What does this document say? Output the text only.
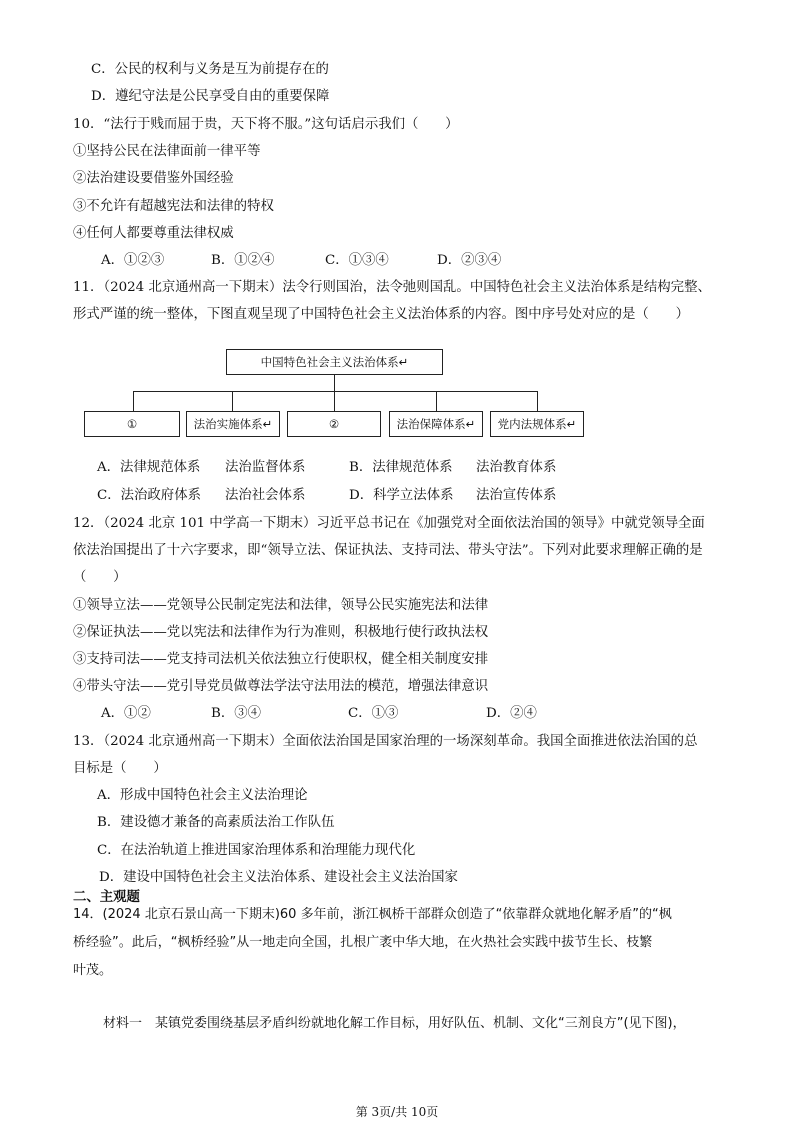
C．公民的权利与义务是互为前提存在的
D．遵纪守法是公民享受自由的重要保障
10．“法行于贱而屈于贵，天下将不服。”这句话启示我们（　　）
①坚持公民在法律面前一律平等
②法治建设要借鉴外国经验
③不允许有超越宪法和法律的特权
④任何人都要尊重法律权威
A．①②③	B．①②④	C．①③④	D．②③④
11．（2024 北京通州高一下期末）法令行则国治，法令弛则国乱。中国特色社会主义法治体系是结构完整、
形式严谨的统一整体，下图直观呈现了中国特色社会主义法治体系的内容。图中序号处对应的是（　　）
中国特色社会主义法治体系↵
①	法治实施体系↵	②	法治保障体系↵	党内法规体系↵
A．法律规范体系 法治监督体系	B．法律规范体系 法治教育体系
C．法治政府体系 法治社会体系	D．科学立法体系 法治宣传体系
12．（2024 北京 101 中学高一下期末）习近平总书记在《加强党对全面依法治国的领导》中就党领导全面
依法治国提出了十六字要求，即“领导立法、保证执法、支持司法、带头守法”。下列对此要求理解正确的是
（　　）
①领导立法——党领导公民制定宪法和法律，领导公民实施宪法和法律
②保证执法——党以宪法和法律作为行为准则，积极地行使行政执法权
③支持司法——党支持司法机关依法独立行使职权，健全相关制度安排
④带头守法——党引导党员做尊法学法守法用法的模范，增强法律意识
A．①②	B．③④	C．①③	D．②④
13．（2024 北京通州高一下期末）全面依法治国是国家治理的一场深刻革命。我国全面推进依法治国的总
目标是（　　）
A．形成中国特色社会主义法治理论
B．建设德才兼备的高素质法治工作队伍
C．在法治轨道上推进国家治理体系和治理能力现代化
D．建设中国特色社会主义法治体系、建设社会主义法治国家
二、主观题
14．(2024 北京石景山高一下期末)60 多年前，浙江枫桥干部群众创造了“依靠群众就地化解矛盾”的“枫
桥经验”。此后，“枫桥经验”从一地走向全国，扎根广袤中华大地，在火热社会实践中拔节生长、枝繁
叶茂。
材料一　某镇党委围绕基层矛盾纠纷就地化解工作目标，用好队伍、机制、文化“三剂良方”(见下图)，
第 3页/共 10页
